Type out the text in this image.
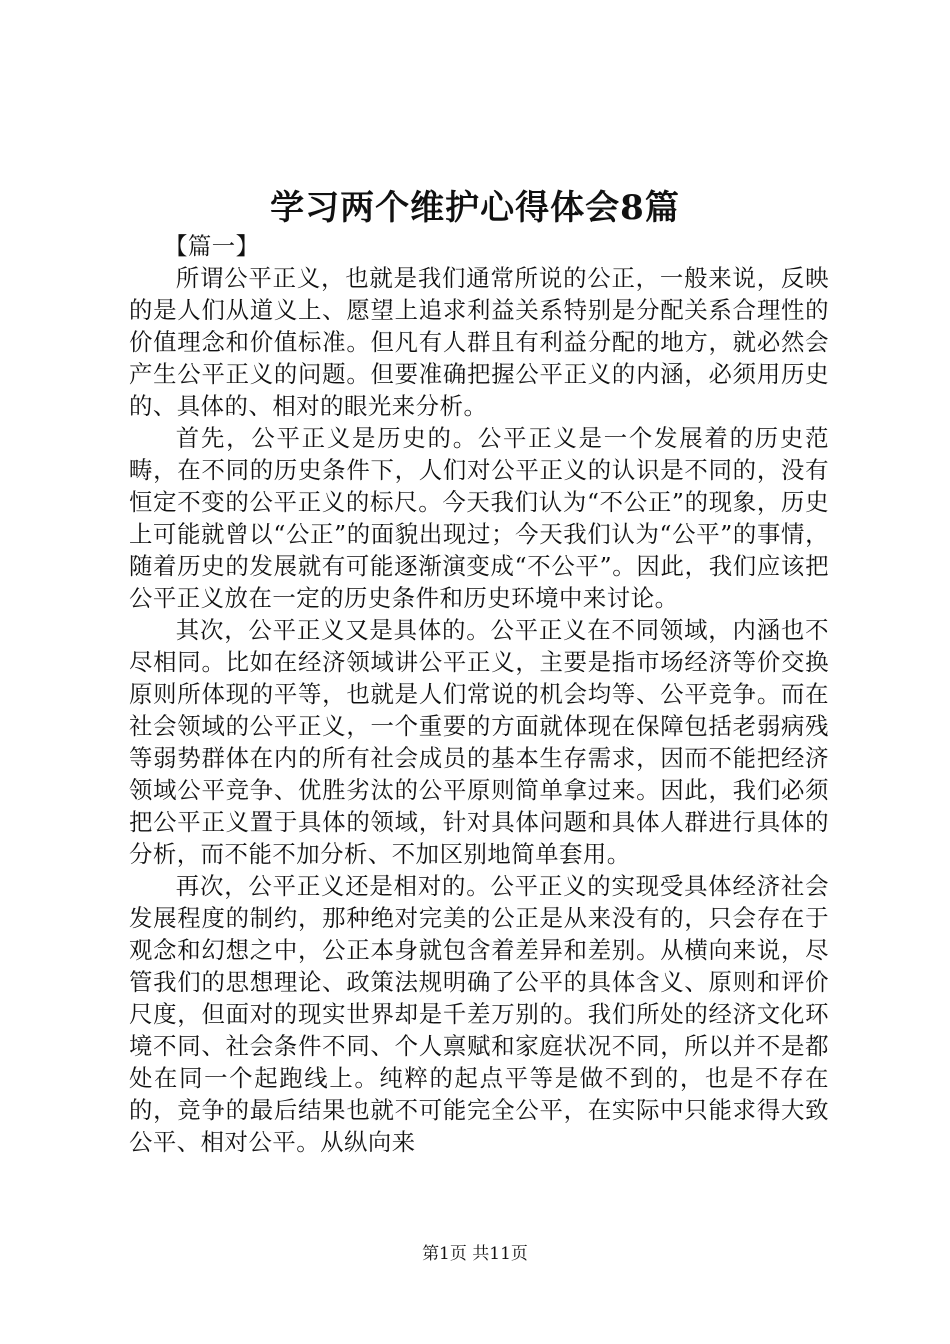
学习两个维护心得体会8篇

【篇一】

所谓公平正义，也就是我们通常所说的公正，一般来说，反映的是人们从道义上、愿望上追求利益关系特别是分配关系合理性的价值理念和价值标准。但凡有人群且有利益分配的地方，就必然会产生公平正义的问题。但要准确把握公平正义的内涵，必须用历史的、具体的、相对的眼光来分析。

首先，公平正义是历史的。公平正义是一个发展着的历史范畴，在不同的历史条件下，人们对公平正义的认识是不同的，没有恒定不变的公平正义的标尺。今天我们认为“不公正”的现象，历史上可能就曾以“公正”的面貌出现过；今天我们认为“公平”的事情，随着历史的发展就有可能逐渐演变成“不公平”。因此，我们应该把公平正义放在一定的历史条件和历史环境中来讨论。

其次，公平正义又是具体的。公平正义在不同领域，内涵也不尽相同。比如在经济领域讲公平正义，主要是指市场经济等价交换原则所体现的平等，也就是人们常说的机会均等、公平竞争。而在社会领域的公平正义，一个重要的方面就体现在保障包括老弱病残等弱势群体在内的所有社会成员的基本生存需求，因而不能把经济领域公平竞争、优胜劣汰的公平原则简单拿过来。因此，我们必须把公平正义置于具体的领域，针对具体问题和具体人群进行具体的分析，而不能不加分析、不加区别地简单套用。

再次，公平正义还是相对的。公平正义的实现受具体经济社会发展程度的制约，那种绝对完美的公正是从来没有的，只会存在于观念和幻想之中，公正本身就包含着差异和差别。从横向来说，尽管我们的思想理论、政策法规明确了公平的具体含义、原则和评价尺度，但面对的现实世界却是千差万别的。我们所处的经济文化环境不同、社会条件不同、个人禀赋和家庭状况不同，所以并不是都处在同一个起跑线上。纯粹的起点平等是做不到的，也是不存在的，竞争的最后结果也就不可能完全公平，在实际中只能求得大致公平、相对公平。从纵向来

第1页 共11页
